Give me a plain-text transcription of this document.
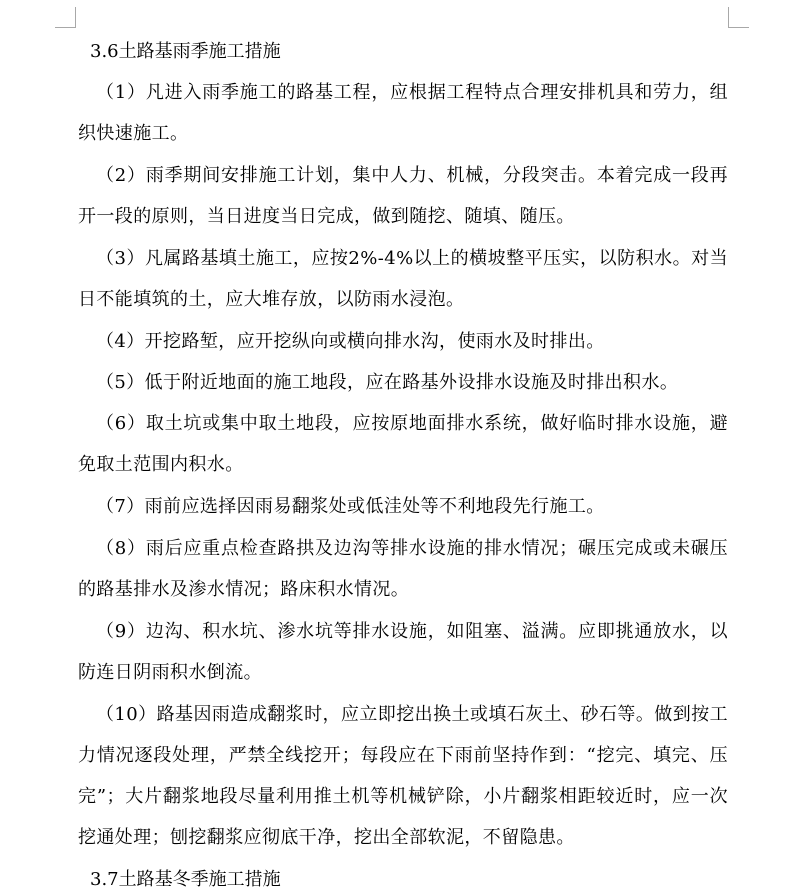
3.6土路基雨季施工措施

（1）凡进入雨季施工的路基工程，应根据工程特点合理安排机具和劳力，组织快速施工。

（2）雨季期间安排施工计划，集中人力、机械，分段突击。本着完成一段再开一段的原则，当日进度当日完成，做到随挖、随填、随压。

（3）凡属路基填土施工，应按2%-4%以上的横坡整平压实，以防积水。对当日不能填筑的土，应大堆存放，以防雨水浸泡。

（4）开挖路堑，应开挖纵向或横向排水沟，使雨水及时排出。

（5）低于附近地面的施工地段，应在路基外设排水设施及时排出积水。

（6）取土坑或集中取土地段，应按原地面排水系统，做好临时排水设施，避免取土范围内积水。

（7）雨前应选择因雨易翻浆处或低洼处等不利地段先行施工。

（8）雨后应重点检查路拱及边沟等排水设施的排水情况；碾压完成或未碾压的路基排水及渗水情况；路床积水情况。

（9）边沟、积水坑、渗水坑等排水设施，如阻塞、溢满。应即挑通放水，以防连日阴雨积水倒流。

（10）路基因雨造成翻浆时，应立即挖出换土或填石灰土、砂石等。做到按工力情况逐段处理，严禁全线挖开；每段应在下雨前坚持作到：“挖完、填完、压完”；大片翻浆地段尽量利用推土机等机械铲除，小片翻浆相距较近时，应一次挖通处理；刨挖翻浆应彻底干净，挖出全部软泥，不留隐患。

3.7土路基冬季施工措施
